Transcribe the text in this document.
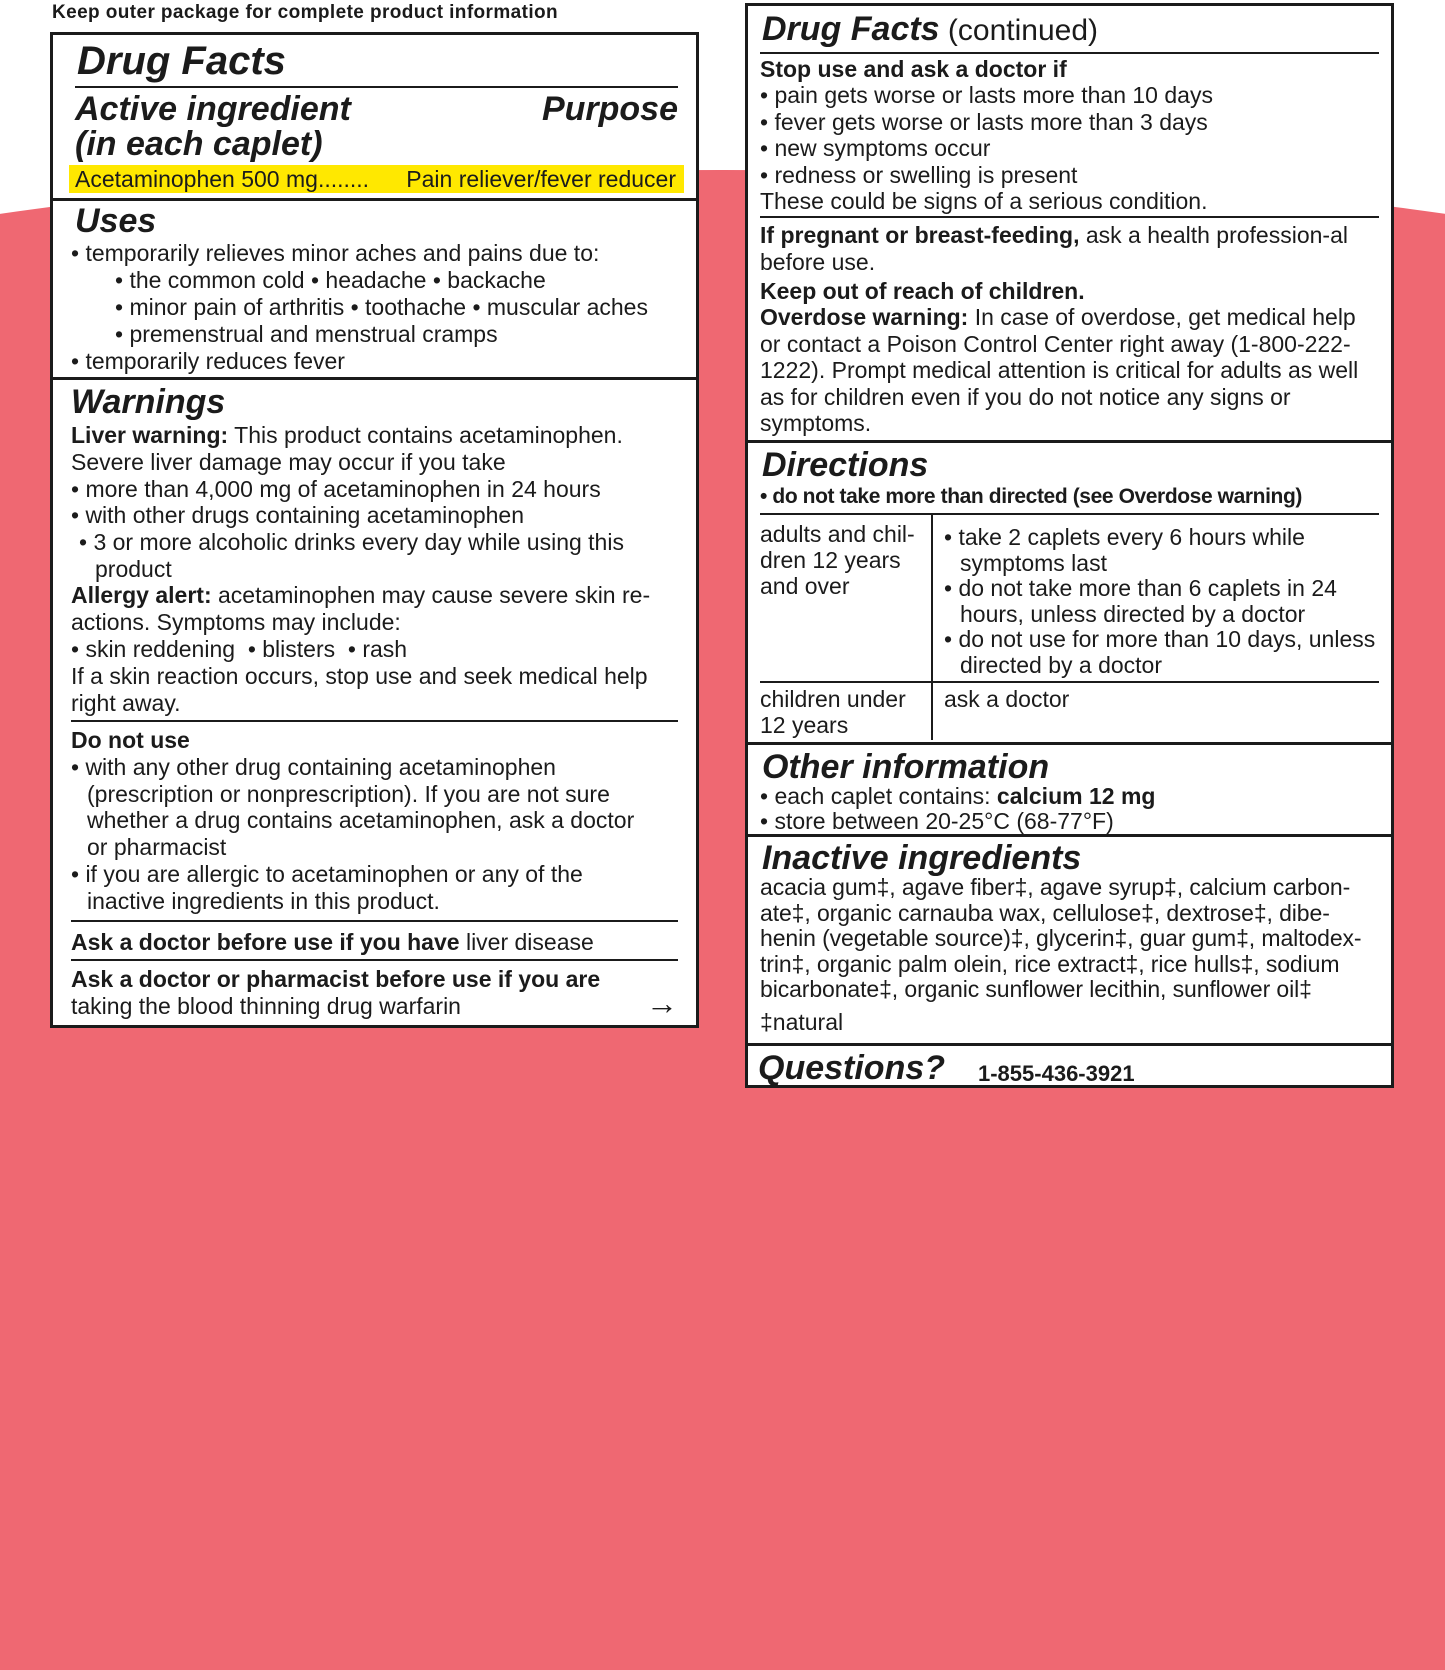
Keep outer package for complete product information
Drug Facts
Active ingredient
(in each caplet)
Purpose
Acetaminophen 500 mg........ Pain reliever/fever reducer
Uses
• temporarily relieves minor aches and pains due to:
• the common cold • headache • backache
• minor pain of arthritis • toothache • muscular aches
• premenstrual and menstrual cramps
• temporarily reduces fever
Warnings
Liver warning: This product contains acetaminophen. Severe liver damage may occur if you take
• more than 4,000 mg of acetaminophen in 24 hours
• with other drugs containing acetaminophen
• 3 or more alcoholic drinks every day while using this product
Allergy alert: acetaminophen may cause severe skin re-actions. Symptoms may include:
• skin reddening  • blisters  • rash
If a skin reaction occurs, stop use and seek medical help right away.
Do not use
• with any other drug containing acetaminophen (prescription or nonprescription). If you are not sure whether a drug contains acetaminophen, ask a doctor or pharmacist
• if you are allergic to acetaminophen or any of the inactive ingredients in this product.
Ask a doctor before use if you have liver disease
Ask a doctor or pharmacist before use if you are
taking the blood thinning drug warfarin	→
Drug Facts (continued)
Stop use and ask a doctor if
• pain gets worse or lasts more than 10 days
• fever gets worse or lasts more than 3 days
• new symptoms occur
• redness or swelling is present
These could be signs of a serious condition.
If pregnant or breast-feeding, ask a health profession-al before use.
Keep out of reach of children.
Overdose warning: In case of overdose, get medical help or contact a Poison Control Center right away (1-800-222-1222). Prompt medical attention is critical for adults as well as for children even if you do not notice any signs or symptoms.
Directions
• do not take more than directed (see Overdose warning)
adults and chil-dren 12 years and over
• take 2 caplets every 6 hours while symptoms last
• do not take more than 6 caplets in 24 hours, unless directed by a doctor
• do not use for more than 10 days, unless directed by a doctor
children under 12 years
ask a doctor
Other information
• each caplet contains: calcium 12 mg
• store between 20-25°C (68-77°F)
Inactive ingredients
acacia gum‡, agave fiber‡, agave syrup‡, calcium carbon-ate‡, organic carnauba wax, cellulose‡, dextrose‡, dibe-henin (vegetable source)‡, glycerin‡, guar gum‡, maltodex-trin‡, organic palm olein, rice extract‡, rice hulls‡, sodium bicarbonate‡, organic sunflower lecithin, sunflower oil‡
‡natural
Questions? 1-855-436-3921
